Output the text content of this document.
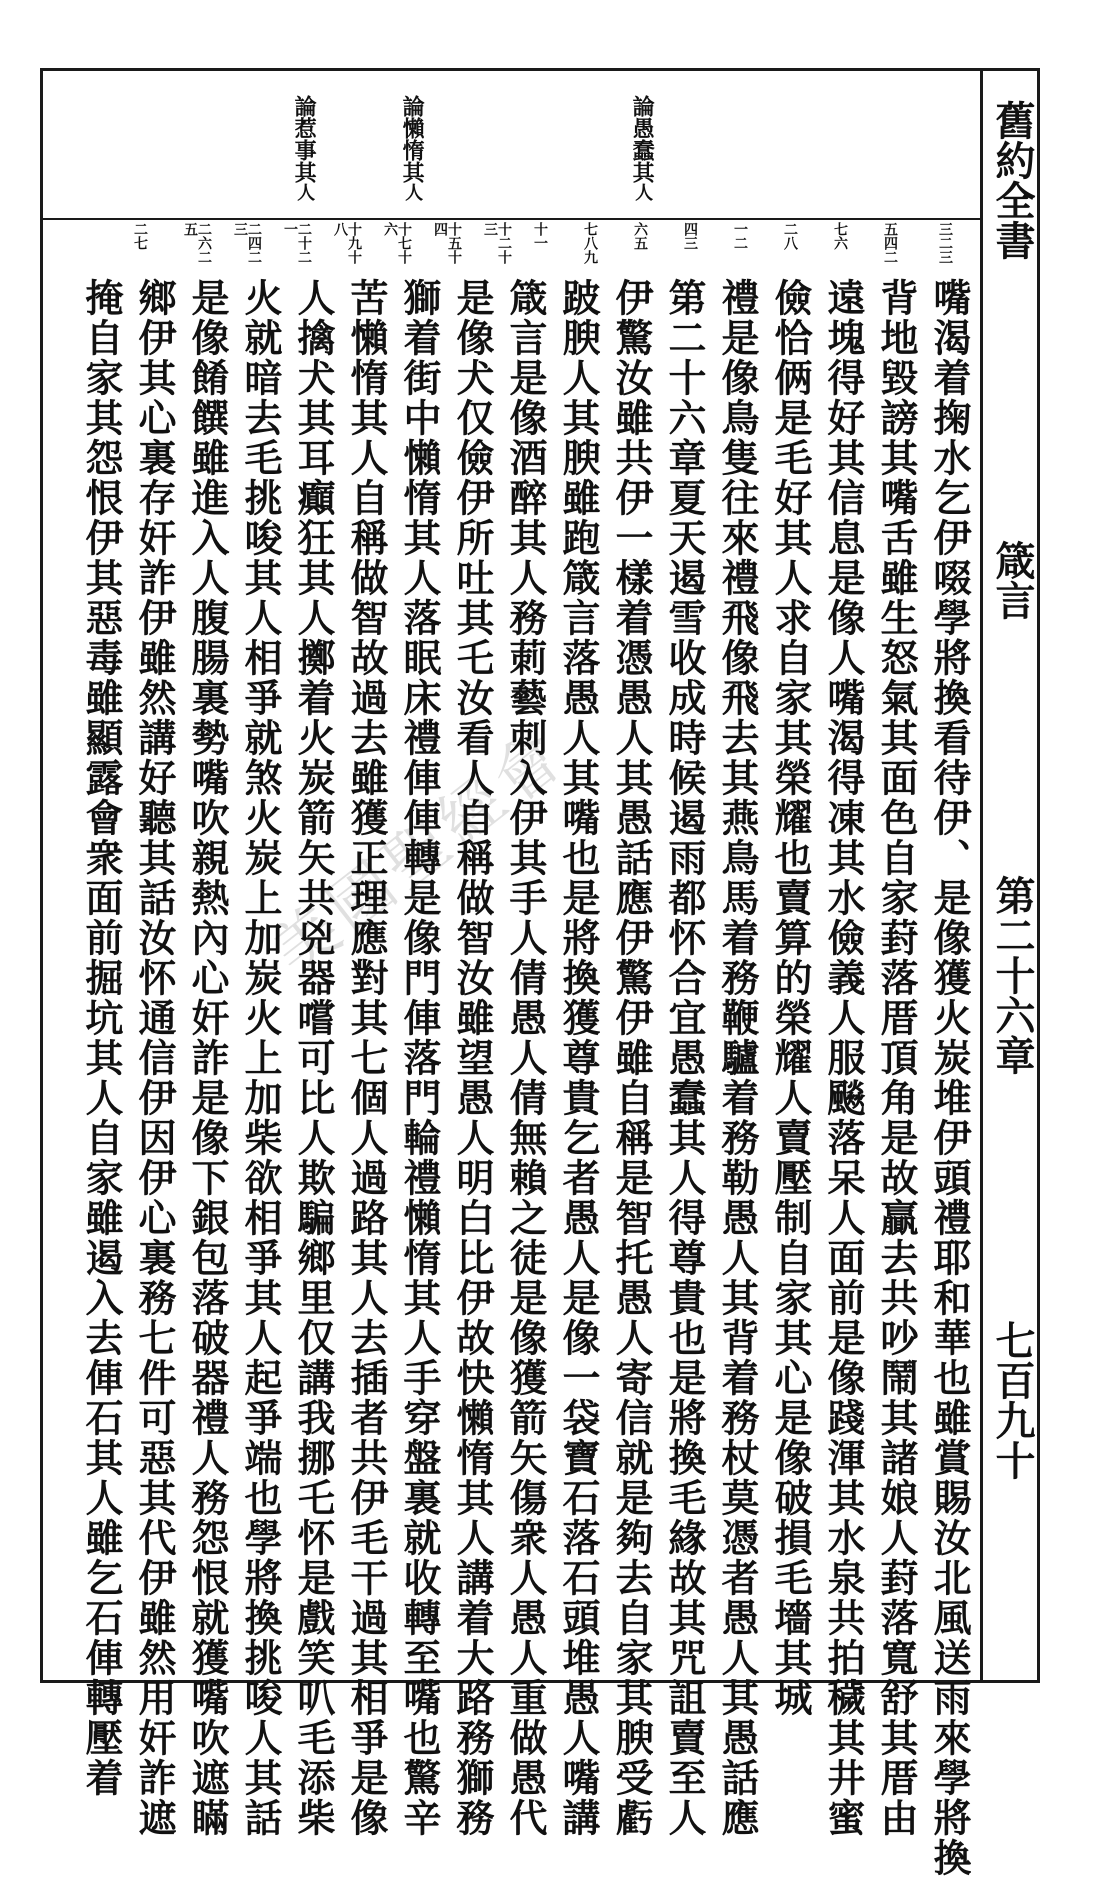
舊約全書
箴言
第二十六章
七百九十
論愚蠢其人
論懶惰其人
論惹事其人
三二三
五四二
七六
二八
一二
四三
六五
七八九
十一
十二十三
十五十四
十七十六
十九十八
二十二一
二四二三
二六二五
二七
嘴渴着掬水乞伊啜學將換看待伊、是像獲火炭堆伊頭禮耶和華也雖賞賜汝北風送雨來學將換
背地毀謗其嘴舌雖生怒氣其面色自家葑落厝頂角是故贏去共吵鬧其諸娘人葑落寬舒其厝由
遠塊得好其信息是像人嘴渴得凍其水儉義人服飈落呆人面前是像踐渾其水泉共拍穢其井蜜
儉恰俩是毛好其人求自家其榮耀也賣算的榮耀人賣壓制自家其心是像破損毛墻其城
禮是像鳥隻往來禮飛像飛去其燕鳥馬着務鞭驢着務勒愚人其背着務杖莫憑者愚人其愚話應
第二十六章夏天遏雪收成時候遏雨都怀合宜愚蠢其人得尊貴也是將換毛緣故其咒詛賣至人
伊驚汝雖共伊一樣着憑愚人其愚話應伊驚伊雖自稱是智托愚人寄信就是夠去自家其腴受虧
跛腴人其腴雖跑箴言落愚人其嘴也是將換獲尊貴乞者愚人是像一袋寶石落石頭堆愚人嘴講
箴言是像酒醉其人務莿藝刺入伊其手人倩愚人倩無賴之徒是像獲箭矢傷衆人愚人重做愚代
是像犬仅儉伊所吐其乇汝看人自稱做智汝雖望愚人明白比伊故快懶惰其人講着大路務獅務
獅着街中懶惰其人落眠床禮俥俥轉是像門俥落門輪禮懶惰其人手穿盤裏就收轉至嘴也驚辛
苦懶惰其人自稱做智故過去雖獲正理應對其七個人過路其人去插者共伊毛干過其相爭是像
人擒犬其耳癲狂其人擲着火炭箭矢共兇器嚐可比人欺騙鄉里仅講我挪乇怀是戲笑叭毛添柴
火就暗去毛挑唆其人相爭就煞火炭上加炭火上加柴欲相爭其人起爭端也學將換挑唆人其話
是像餚饌雖進入人腹腸裏勢嘴吹親熱內心奸詐是像下銀包落破器禮人務怨恨就獲嘴吹遮瞞
鄉伊其心裏存奸詐伊雖然講好聽其話汝怀通信伊因伊心裏務七件可惡其代伊雖然用奸詐遮
掩自家其怨恨伊其惡毒雖顯露會衆面前掘坑其人自家雖遏入去俥石其人雖乞石俥轉壓着 美國聖經會
